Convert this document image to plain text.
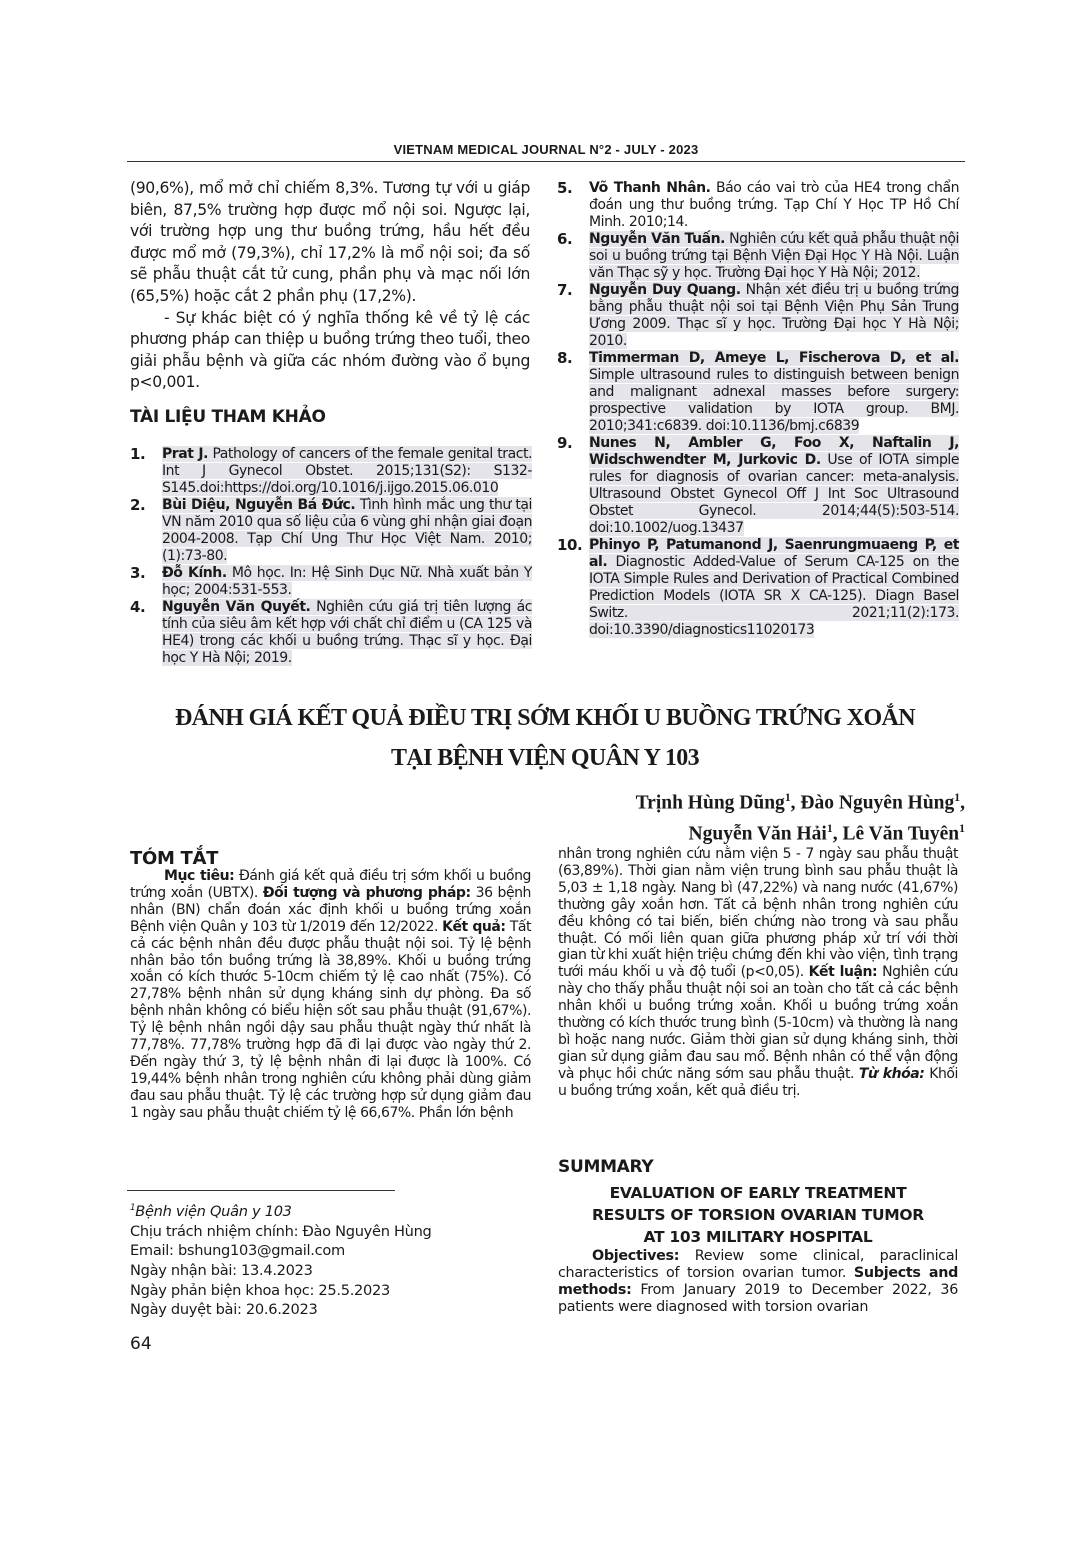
VIETNAM MEDICAL JOURNAL N°2 - JULY - 2023

(90,6%), mổ mở chỉ chiếm 8,3%. Tương tự với u giáp biên, 87,5% trường hợp được mổ nội soi. Ngược lại, với trường hợp ung thư buồng trứng, hầu hết đều được mổ mở (79,3%), chỉ 17,2% là mổ nội soi; đa số sẽ phẫu thuật cắt tử cung, phần phụ và mạc nối lớn (65,5%) hoặc cắt 2 phần phụ (17,2%).

- Sự khác biệt có ý nghĩa thống kê về tỷ lệ các phương pháp can thiệp u buồng trứng theo tuổi, theo giải phẫu bệnh và giữa các nhóm đường vào ổ bụng p<0,001.

TÀI LIỆU THAM KHẢO
1.	Prat J. Pathology of cancers of the female genital tract. Int J Gynecol Obstet. 2015;131(S2): S132-S145.doi:https://doi.org/10.1016/j.ijgo.2015.06.010
2.	Bùi Diệu, Nguyễn Bá Đức. Tình hình mắc ung thư tại VN năm 2010 qua số liệu của 6 vùng ghi nhận giai đoạn 2004-2008. Tạp Chí Ung Thư Học Việt Nam. 2010;(1):73-80.
3.	Đỗ Kính. Mô học. In: Hệ Sinh Dục Nữ. Nhà xuất bản Y học; 2004:531-553.
4.	Nguyễn Văn Quyết. Nghiên cứu giá trị tiên lượng ác tính của siêu âm kết hợp với chất chỉ điểm u (CA 125 và HE4) trong các khối u buồng trứng. Thạc sĩ y học. Đại học Y Hà Nội; 2019.
5.	Võ Thanh Nhân. Báo cáo vai trò của HE4 trong chẩn đoán ung thư buồng trứng. Tạp Chí Y Học TP Hồ Chí Minh. 2010;14.
6.	Nguyễn Văn Tuấn. Nghiên cứu kết quả phẫu thuật nội soi u buồng trứng tại Bệnh Viện Đại Học Y Hà Nội. Luận văn Thạc sỹ y học. Trường Đại học Y Hà Nội; 2012.
7.	Nguyễn Duy Quang. Nhận xét điều trị u buồng trứng bằng phẫu thuật nội soi tại Bệnh Viện Phụ Sản Trung Ương 2009. Thạc sĩ y học. Trường Đại học Y Hà Nội; 2010.
8.	Timmerman D, Ameye L, Fischerova D, et al. Simple ultrasound rules to distinguish between benign and malignant adnexal masses before surgery: prospective validation by IOTA group. BMJ. 2010;341:c6839. doi:10.1136/bmj.c6839
9.	Nunes N, Ambler G, Foo X, Naftalin J, Widschwendter M, Jurkovic D. Use of IOTA simple rules for diagnosis of ovarian cancer: meta-analysis. Ultrasound Obstet Gynecol Off J Int Soc Ultrasound Obstet Gynecol. 2014;44(5):503-514. doi:10.1002/uog.13437
10. Phinyo P, Patumanond J, Saenrungmuaeng P, et al. Diagnostic Added-Value of Serum CA-125 on the IOTA Simple Rules and Derivation of Practical Combined Prediction Models (IOTA SR X CA-125). Diagn Basel Switz. 2021;11(2):173. doi:10.3390/diagnostics11020173
ĐÁNH GIÁ KẾT QUẢ ĐIỀU TRỊ SỚM KHỐI U BUỒNG TRỨNG XOẮN
TẠI BỆNH VIỆN QUÂN Y 103
Trịnh Hùng Dũng$^1$, Đào Nguyên Hùng$^1$,
Nguyễn Văn Hải$^1$, Lê Văn Tuyên$^1$
TÓM TẮT
Mục tiêu: Đánh giá kết quả điều trị sớm khối u buồng trứng xoắn (UBTX). Đối tượng và phương pháp: 36 bệnh nhân (BN) chẩn đoán xác định khối u buồng trứng xoắn Bệnh viện Quân y 103 từ 1/2019 đến 12/2022. Kết quả: Tất cả các bệnh nhân đều được phẫu thuật nội soi. Tỷ lệ bệnh nhân bảo tồn buồng trứng là 38,89%. Khối u buồng trứng xoắn có kích thước 5-10cm chiếm tỷ lệ cao nhất (75%). Có 27,78% bệnh nhân sử dụng kháng sinh dự phòng. Đa số bệnh nhân không có biểu hiện sốt sau phẫu thuật (91,67%). Tỷ lệ bệnh nhân ngồi dậy sau phẫu thuật ngày thứ nhất là 77,78%. 77,78% trường hợp đã đi lại được vào ngày thứ 2. Đến ngày thứ 3, tỷ lệ bệnh nhân đi lại được là 100%. Có 19,44% bệnh nhân trong nghiên cứu không phải dùng giảm đau sau phẫu thuật. Tỷ lệ các trường hợp sử dụng giảm đau 1 ngày sau phẫu thuật chiếm tỷ lệ 66,67%. Phần lớn bệnh
nhân trong nghiên cứu nằm viện 5 - 7 ngày sau phẫu thuật (63,89%). Thời gian nằm viện trung bình sau phẫu thuật là 5,03 ± 1,18 ngày. Nang bì (47,22%) và nang nước (41,67%) thường gây xoắn hơn. Tất cả bệnh nhân trong nghiên cứu đều không có tai biến, biến chứng nào trong và sau phẫu thuật. Có mối liên quan giữa phương pháp xử trí với thời gian từ khi xuất hiện triệu chứng đến khi vào viện, tình trạng tưới máu khối u và độ tuổi (p<0,05). Kết luận: Nghiên cứu này cho thấy phẫu thuật nội soi an toàn cho tất cả các bệnh nhân khối u buồng trứng xoắn. Khối u buồng trứng xoắn thường có kích thước trung bình (5-10cm) và thường là nang bì hoặc nang nước. Giảm thời gian sử dụng kháng sinh, thời gian sử dụng giảm đau sau mổ. Bệnh nhân có thể vận động và phục hồi chức năng sớm sau phẫu thuật. Từ khóa: Khối u buồng trứng xoắn, kết quả điều trị.
SUMMARY
EVALUATION OF EARLY TREATMENT
RESULTS OF TORSION OVARIAN TUMOR
AT 103 MILITARY HOSPITAL
Objectives: Review some clinical, paraclinical characteristics of torsion ovarian tumor. Subjects and methods: From January 2019 to December 2022, 36 patients were diagnosed with torsion ovarian
$^1$Bệnh viện Quân y 103
Chịu trách nhiệm chính: Đào Nguyên Hùng
Email: bshung103@gmail.com
Ngày nhận bài: 13.4.2023
Ngày phản biện khoa học: 25.5.2023
Ngày duyệt bài: 20.6.2023
64
